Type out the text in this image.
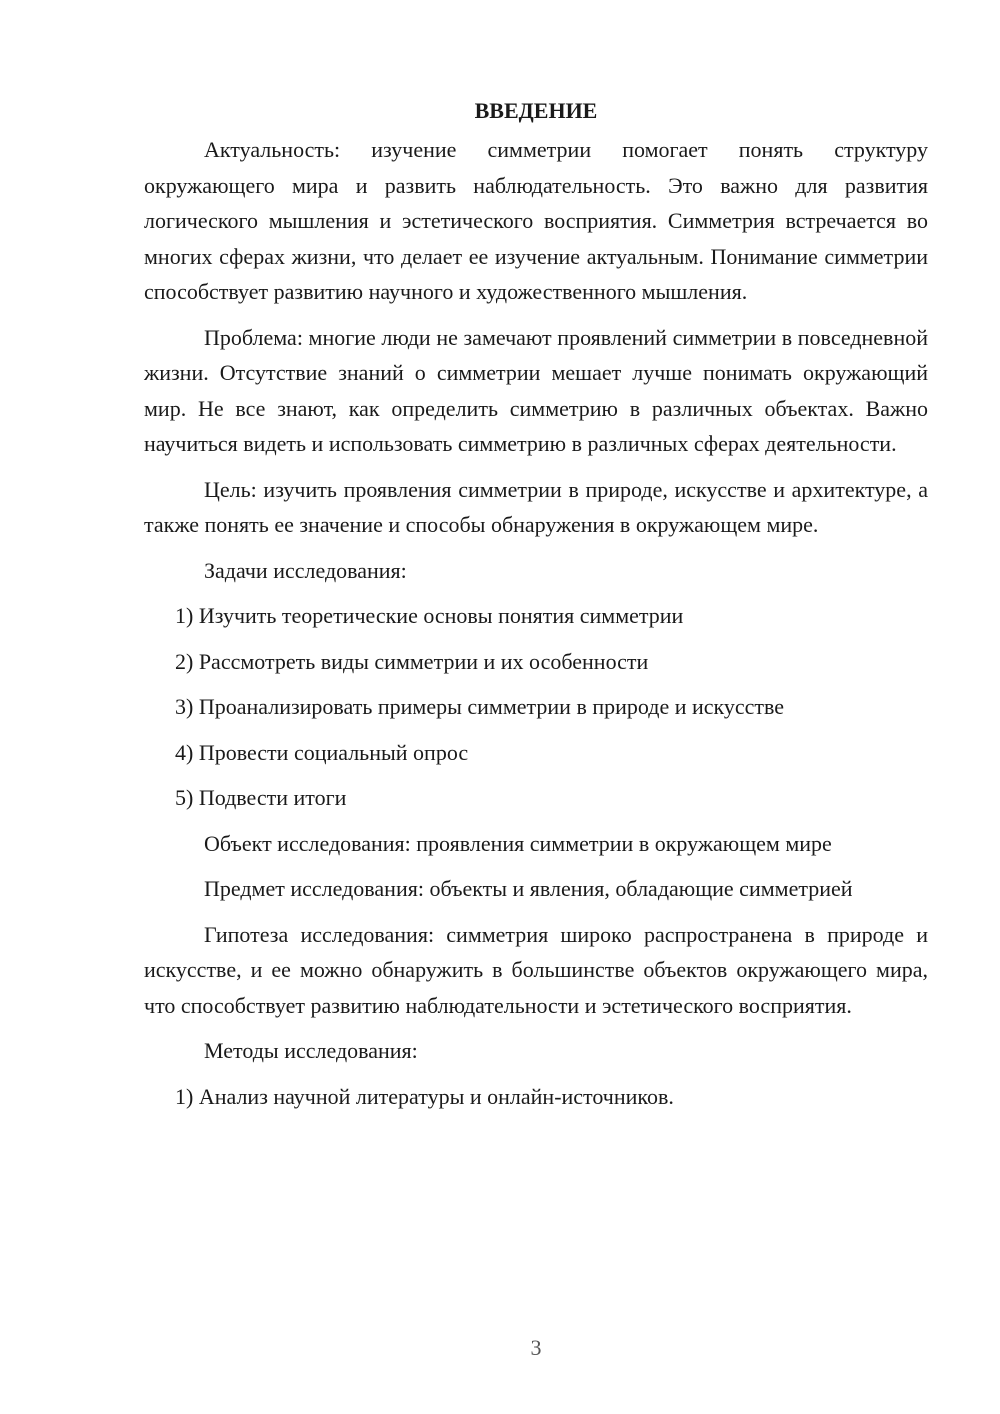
ВВЕДЕНИЕ

Актуальность: изучение симметрии помогает понять структуру окружающего мира и развить наблюдательность. Это важно для развития логического мышления и эстетического восприятия. Симметрия встречается во многих сферах жизни, что делает ее изучение актуальным. Понимание симметрии способствует развитию научного и художественного мышления.

Проблема: многие люди не замечают проявлений симметрии в повседневной жизни. Отсутствие знаний о симметрии мешает лучше понимать окружающий мир. Не все знают, как определить симметрию в различных объектах. Важно научиться видеть и использовать симметрию в различных сферах деятельности.

Цель: изучить проявления симметрии в природе, искусстве и архитектуре, а также понять ее значение и способы обнаружения в окружающем мире.

Задачи исследования:

1) Изучить теоретические основы понятия симметрии

2) Рассмотреть виды симметрии и их особенности

3) Проанализировать примеры симметрии в природе и искусстве

4) Провести социальный опрос

5) Подвести итоги

Объект исследования: проявления симметрии в окружающем мире

Предмет исследования: объекты и явления, обладающие симметрией

Гипотеза исследования: симметрия широко распространена в природе и искусстве, и ее можно обнаружить в большинстве объектов окружающего мира, что способствует развитию наблюдательности и эстетического восприятия.

Методы исследования:

1) Анализ научной литературы и онлайн-источников.

3
